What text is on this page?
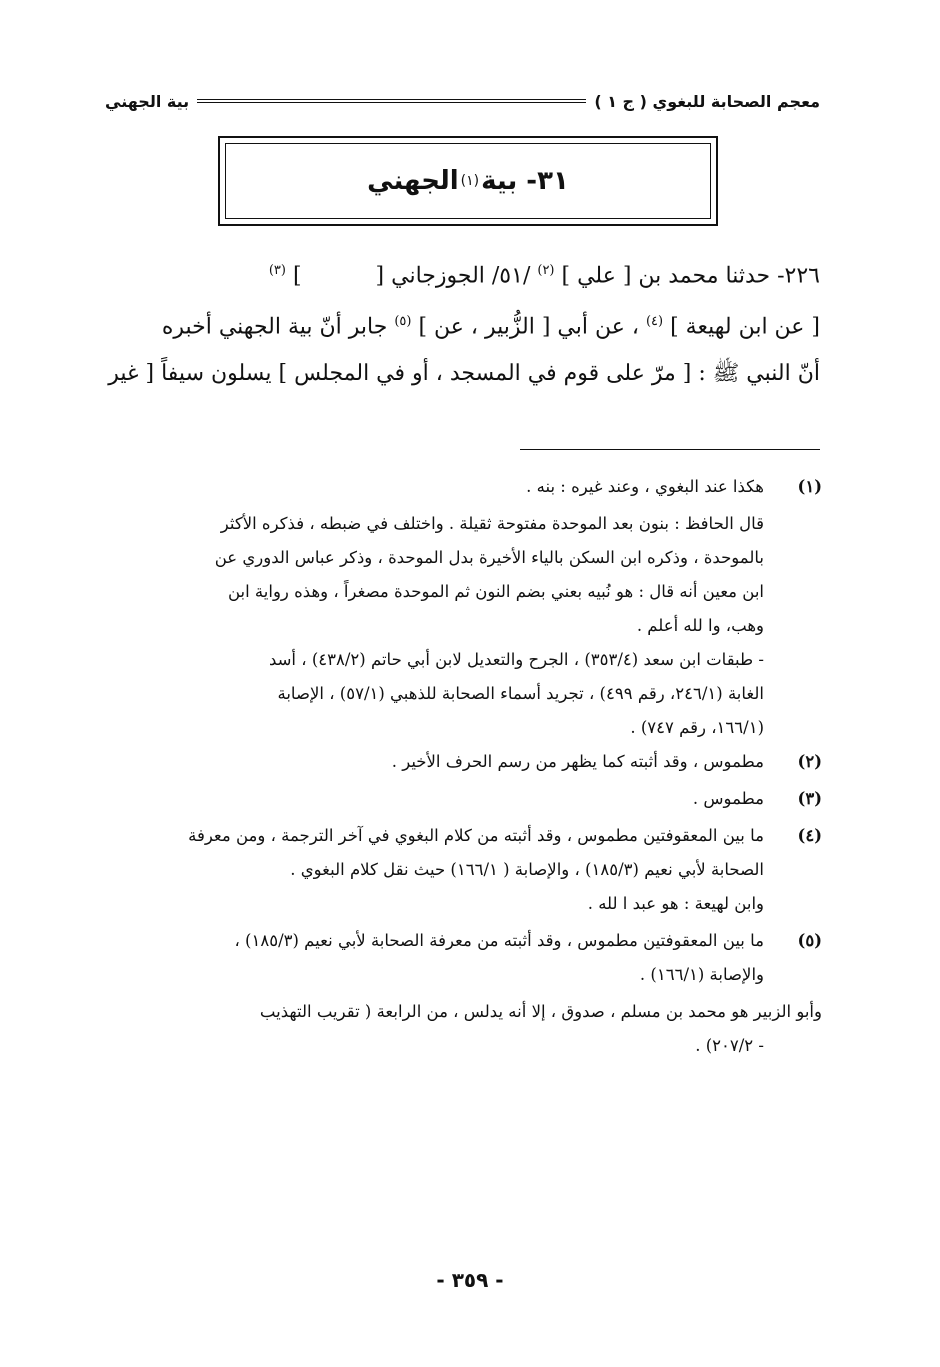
معجم الصحابة للبغوي ( ج ١ )
بية الجهني
٣١- بية
(١)
الجهني

٢٢٦- حدثنا محمد بن [ علي ] $^{(٢)}$ /٥١/ الجوزجاني [  ] $^{(٣)}$

[ عن ابن لهيعة ] $^{(٤)}$ ، عن أبي [ الزُّبير ، عن ] $^{(٥)}$ جابر أنّ بية الجهني أخبره

أنّ النبي ﷺ : [ مرّ على قوم في المسجد ، أو في المجلس ] يسلون سيفاً [ غير

(١)

هكذا عند البغوي ، وعند غيره : بنه .

قال الحافظ : بنون بعد الموحدة مفتوحة ثقيلة . واختلف في ضبطه ، فذكره الأكثر

بالموحدة ، وذكره ابن السكن بالياء الأخيرة بدل الموحدة ، وذكر عباس الدوري عن

ابن معين أنه قال : هو نُبيه بعني بضم النون ثم الموحدة مصغراً ، وهذه رواية ابن

وهب، وا لله أعلم .

- طبقات ابن سعد (٣٥٣/٤) ، الجرح والتعديل لابن أبي حاتم (٤٣٨/٢) ، أسد

الغابة (٢٤٦/١، رقم ٤٩٩) ، تجريد أسماء الصحابة للذهبي (٥٧/١) ، الإصابة

(١٦٦/١، رقم ٧٤٧) .

(٢)

مطموس ، وقد أثبته كما يظهر من رسم الحرف الأخير .

(٣)

مطموس .

(٤)

ما بين المعقوفتين مطموس ، وقد أثبته من كلام البغوي في آخر الترجمة ، ومن معرفة

الصحابة لأبي نعيم (١٨٥/٣) ، والإصابة ( ١٦٦/١) حيث نقل كلام البغوي .

وابن لهيعة : هو عبد ا لله .

(٥)

ما بين المعقوفتين مطموس ، وقد أثبته من معرفة الصحابة لأبي نعيم (١٨٥/٣) ،

والإصابة (١٦٦/١) .

وأبو الزبير هو محمد بن مسلم ، صدوق ، إلا أنه يدلس ، من الرابعة ( تقريب التهذيب

- ٢٠٧/٢) .

- ٣٥٩ -
